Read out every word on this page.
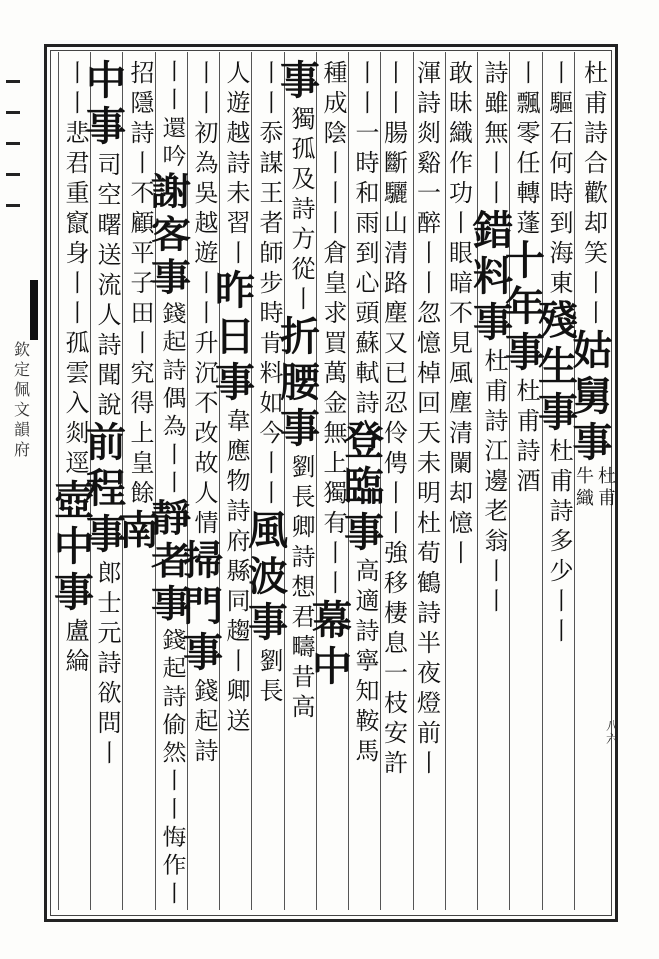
欽
定
佩
文
韻
府
杜
甫
詩
合
歡
却
笑
丨
丨
姑
舅
事
牛
織
杜
甫
丨
驅
石
何
時
到
海
東
殘
生
事
杜
甫
詩
多
少
丨
丨
丨
飄
零
任
轉
蓬
十
年
事
杜
甫
詩
酒
詩
雖
無
丨
丨
錯
料
事
杜
甫
詩
江
邊
老
翁
丨
丨
敢
昧
織
作
功
丨
眼
暗
不
見
風
塵
清
闌
却
憶
丨
渾
詩
剡
谿
一
醉
丨
丨
忽
憶
棹
回
天
未
明
杜
荀
鶴
詩
半
夜
燈
前
丨
丨
丨
腸
斷
驪
山
清
路
塵
又
已
忍
伶
俜
丨
丨
強
移
棲
息
一
枝
安
許
丨
丨
一
時
和
雨
到
心
頭
蘇
軾
詩
登
臨
事
高
適
詩
寧
知
鞍
馬
種
成
陰
丨
丨
丨
倉
皇
求
買
萬
金
無
上
獨
有
丨
丨
幕
中
事
獨
孤
及
詩
方
從
丨
折
腰
事
劉
長
卿
詩
想
君
疇
昔
高
丨
丨
忝
謀
王
者
師
步
時
肯
料
如
今
丨
丨
風
波
事
劉
長
人
遊
越
詩
未
習
丨
昨
日
事
韋
應
物
詩
府
縣
同
趨
丨
卿
送
丨
丨
初
為
吳
越
遊
丨
丨
升
沉
不
改
故
人
情
掃
門
事
錢
起
詩
丨
丨
還
吟
謝
客
事
錢
起
詩
偶
為
丨
丨
靜
者
事
錢
起
詩
偷
然
丨
丨
悔
作
丨
招
隱
詩
丨
不
顧
平
子
田
丨
究
得
上
皇
餘
南
中
事
司
空
曙
送
流
人
詩
聞
說
前
程
事
郎
士
元
詩
欲
問
丨
丨
丨
悲
君
重
竄
身
丨
丨
孤
雲
入
剡
逕
壺
中
事
盧
綸
八
六
